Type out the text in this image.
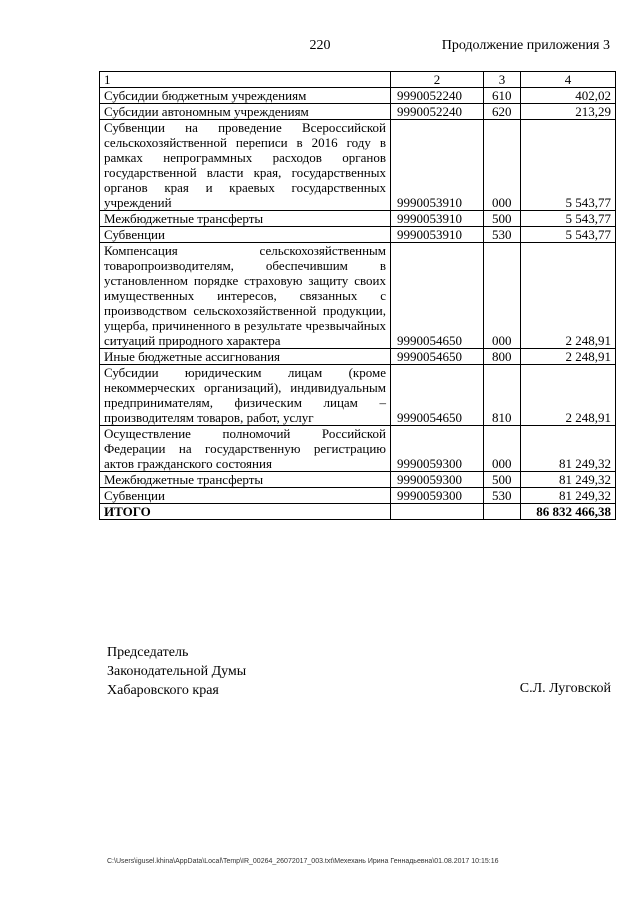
220	Продолжение приложения 3
1	2	3	4
Субсидии бюджетным учреждениям	9990052240	610	402,02
Субсидии автономным учреждениям	9990052240	620	213,29
Субвенции на проведение Всероссийской сельскохозяйственной переписи в 2016 году в рамках непрограммных расходов органов государственной власти края, государственных органов края и краевых государственных учреждений	9990053910	000	5 543,77
Межбюджетные трансферты	9990053910	500	5 543,77
Субвенции	9990053910	530	5 543,77
Компенсация сельскохозяйственным товаропроизводителям, обеспечившим в установленном порядке страховую защиту своих имущественных интересов, связанных с производством сельскохозяйственной продукции, ущерба, причиненного в результате чрезвычайных ситуаций природного характера	9990054650	000	2 248,91
Иные бюджетные ассигнования	9990054650	800	2 248,91
Субсидии юридическим лицам (кроме некоммерческих организаций), индивидуальным предпринимателям, физическим лицам – производителям товаров, работ, услуг	9990054650	810	2 248,91
Осуществление полномочий Российской Федерации на государственную регистрацию актов гражданского состояния	9990059300	000	81 249,32
Межбюджетные трансферты	9990059300	500	81 249,32
Субвенции	9990059300	530	81 249,32
ИТОГО			86 832 466,38
Председатель
Законодательной Думы
Хабаровского края	С.Л. Луговской
C:\Users\igusel.khina\AppData\Local\Temp\IR_00264_26072017_003.txt\Мехехань Ирина Геннадьевна\01.08.2017 10:15:16
